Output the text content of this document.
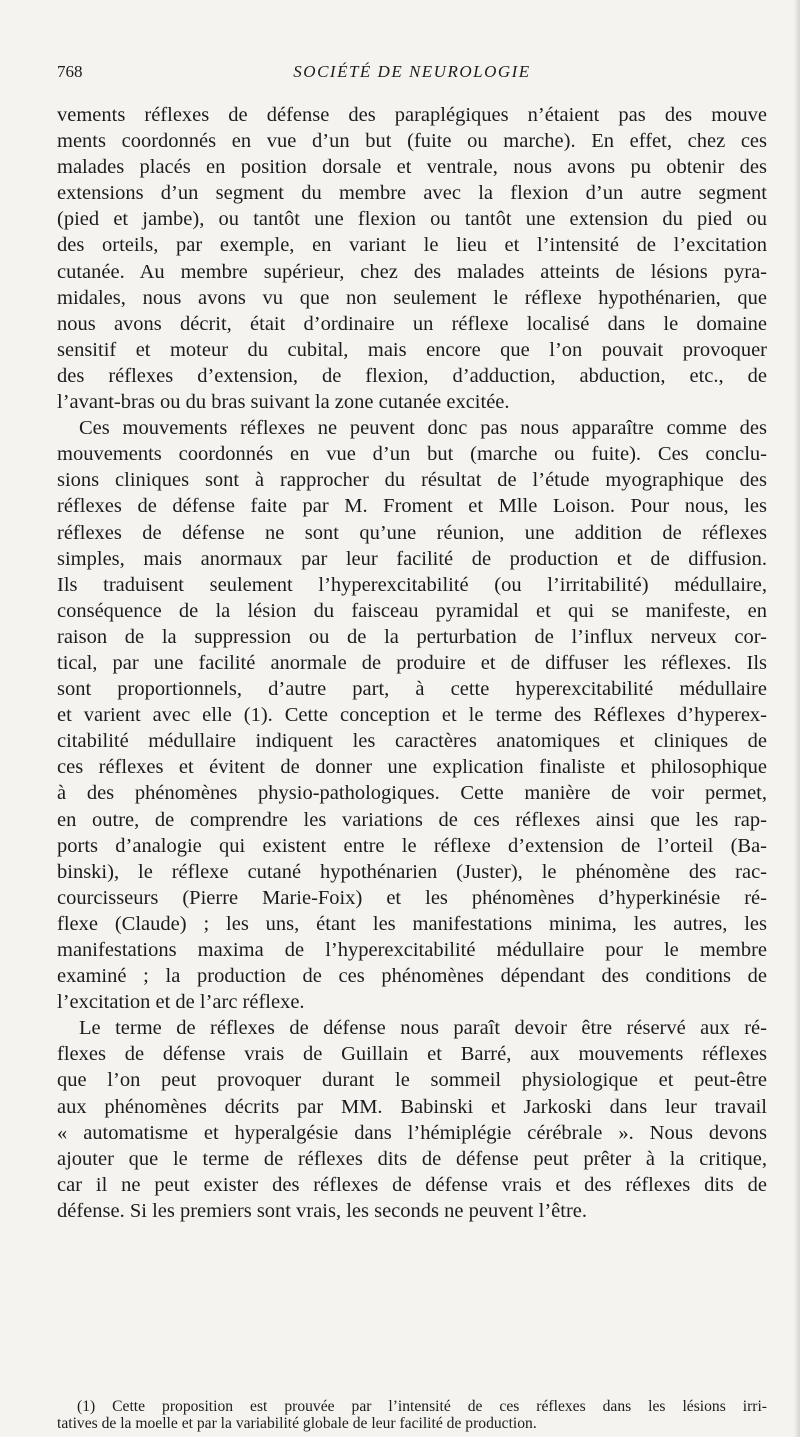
768	SOCIÉTÉ DE NEUROLOGIE

vements réflexes de défense des paraplégiques n’étaient pas des mouve
ments coordonnés en vue d’un but (fuite ou marche). En effet, chez ces
malades placés en position dorsale et ventrale, nous avons pu obtenir des
extensions d’un segment du membre avec la flexion d’un autre segment
(pied et jambe), ou tantôt une flexion ou tantôt une extension du pied ou
des orteils, par exemple, en variant le lieu et l’intensité de l’excitation
cutanée. Au membre supérieur, chez des malades atteints de lésions pyra-
midales, nous avons vu que non seulement le réflexe hypothénarien, que
nous avons décrit, était d’ordinaire un réflexe localisé dans le domaine
sensitif et moteur du cubital, mais encore que l’on pouvait provoquer
des réflexes d’extension, de flexion, d’adduction, abduction, etc., de
l’avant-bras ou du bras suivant la zone cutanée excitée.

Ces mouvements réflexes ne peuvent donc pas nous apparaître comme des
mouvements coordonnés en vue d’un but (marche ou fuite). Ces conclu-
sions cliniques sont à rapprocher du résultat de l’étude myographique des
réflexes de défense faite par M. Froment et Mlle Loison. Pour nous, les
réflexes de défense ne sont qu’une réunion, une addition de réflexes
simples, mais anormaux par leur facilité de production et de diffusion.
Ils traduisent seulement l’hyperexcitabilité (ou l’irritabilité) médullaire,
conséquence de la lésion du faisceau pyramidal et qui se manifeste, en
raison de la suppression ou de la perturbation de l’influx nerveux cor-
tical, par une facilité anormale de produire et de diffuser les réflexes. Ils
sont proportionnels, d’autre part, à cette hyperexcitabilité médullaire
et varient avec elle (1). Cette conception et le terme des Réflexes d’hyperex-
citabilité médullaire indiquent les caractères anatomiques et cliniques de
ces réflexes et évitent de donner une explication finaliste et philosophique
à des phénomènes physio-pathologiques. Cette manière de voir permet,
en outre, de comprendre les variations de ces réflexes ainsi que les rap-
ports d’analogie qui existent entre le réflexe d’extension de l’orteil (Ba-
binski), le réflexe cutané hypothénarien (Juster), le phénomène des rac-
courcisseurs (Pierre Marie-Foix) et les phénomènes d’hyperkinésie ré-
flexe (Claude) ; les uns, étant les manifestations minima, les autres, les
manifestations maxima de l’hyperexcitabilité médullaire pour le membre
examiné ; la production de ces phénomènes dépendant des conditions de
l’excitation et de l’arc réflexe.

Le terme de réflexes de défense nous paraît devoir être réservé aux ré-
flexes de défense vrais de Guillain et Barré, aux mouvements réflexes
que l’on peut provoquer durant le sommeil physiologique et peut-être
aux phénomènes décrits par MM. Babinski et Jarkoski dans leur travail
« automatisme et hyperalgésie dans l’hémiplégie cérébrale ». Nous devons
ajouter que le terme de réflexes dits de défense peut prêter à la critique,
car il ne peut exister des réflexes de défense vrais et des réflexes dits de
défense. Si les premiers sont vrais, les seconds ne peuvent l’être.

(1) Cette proposition est prouvée par l’intensité de ces réflexes dans les lésions irri-
tatives de la moelle et par la variabilité globale de leur facilité de production.
